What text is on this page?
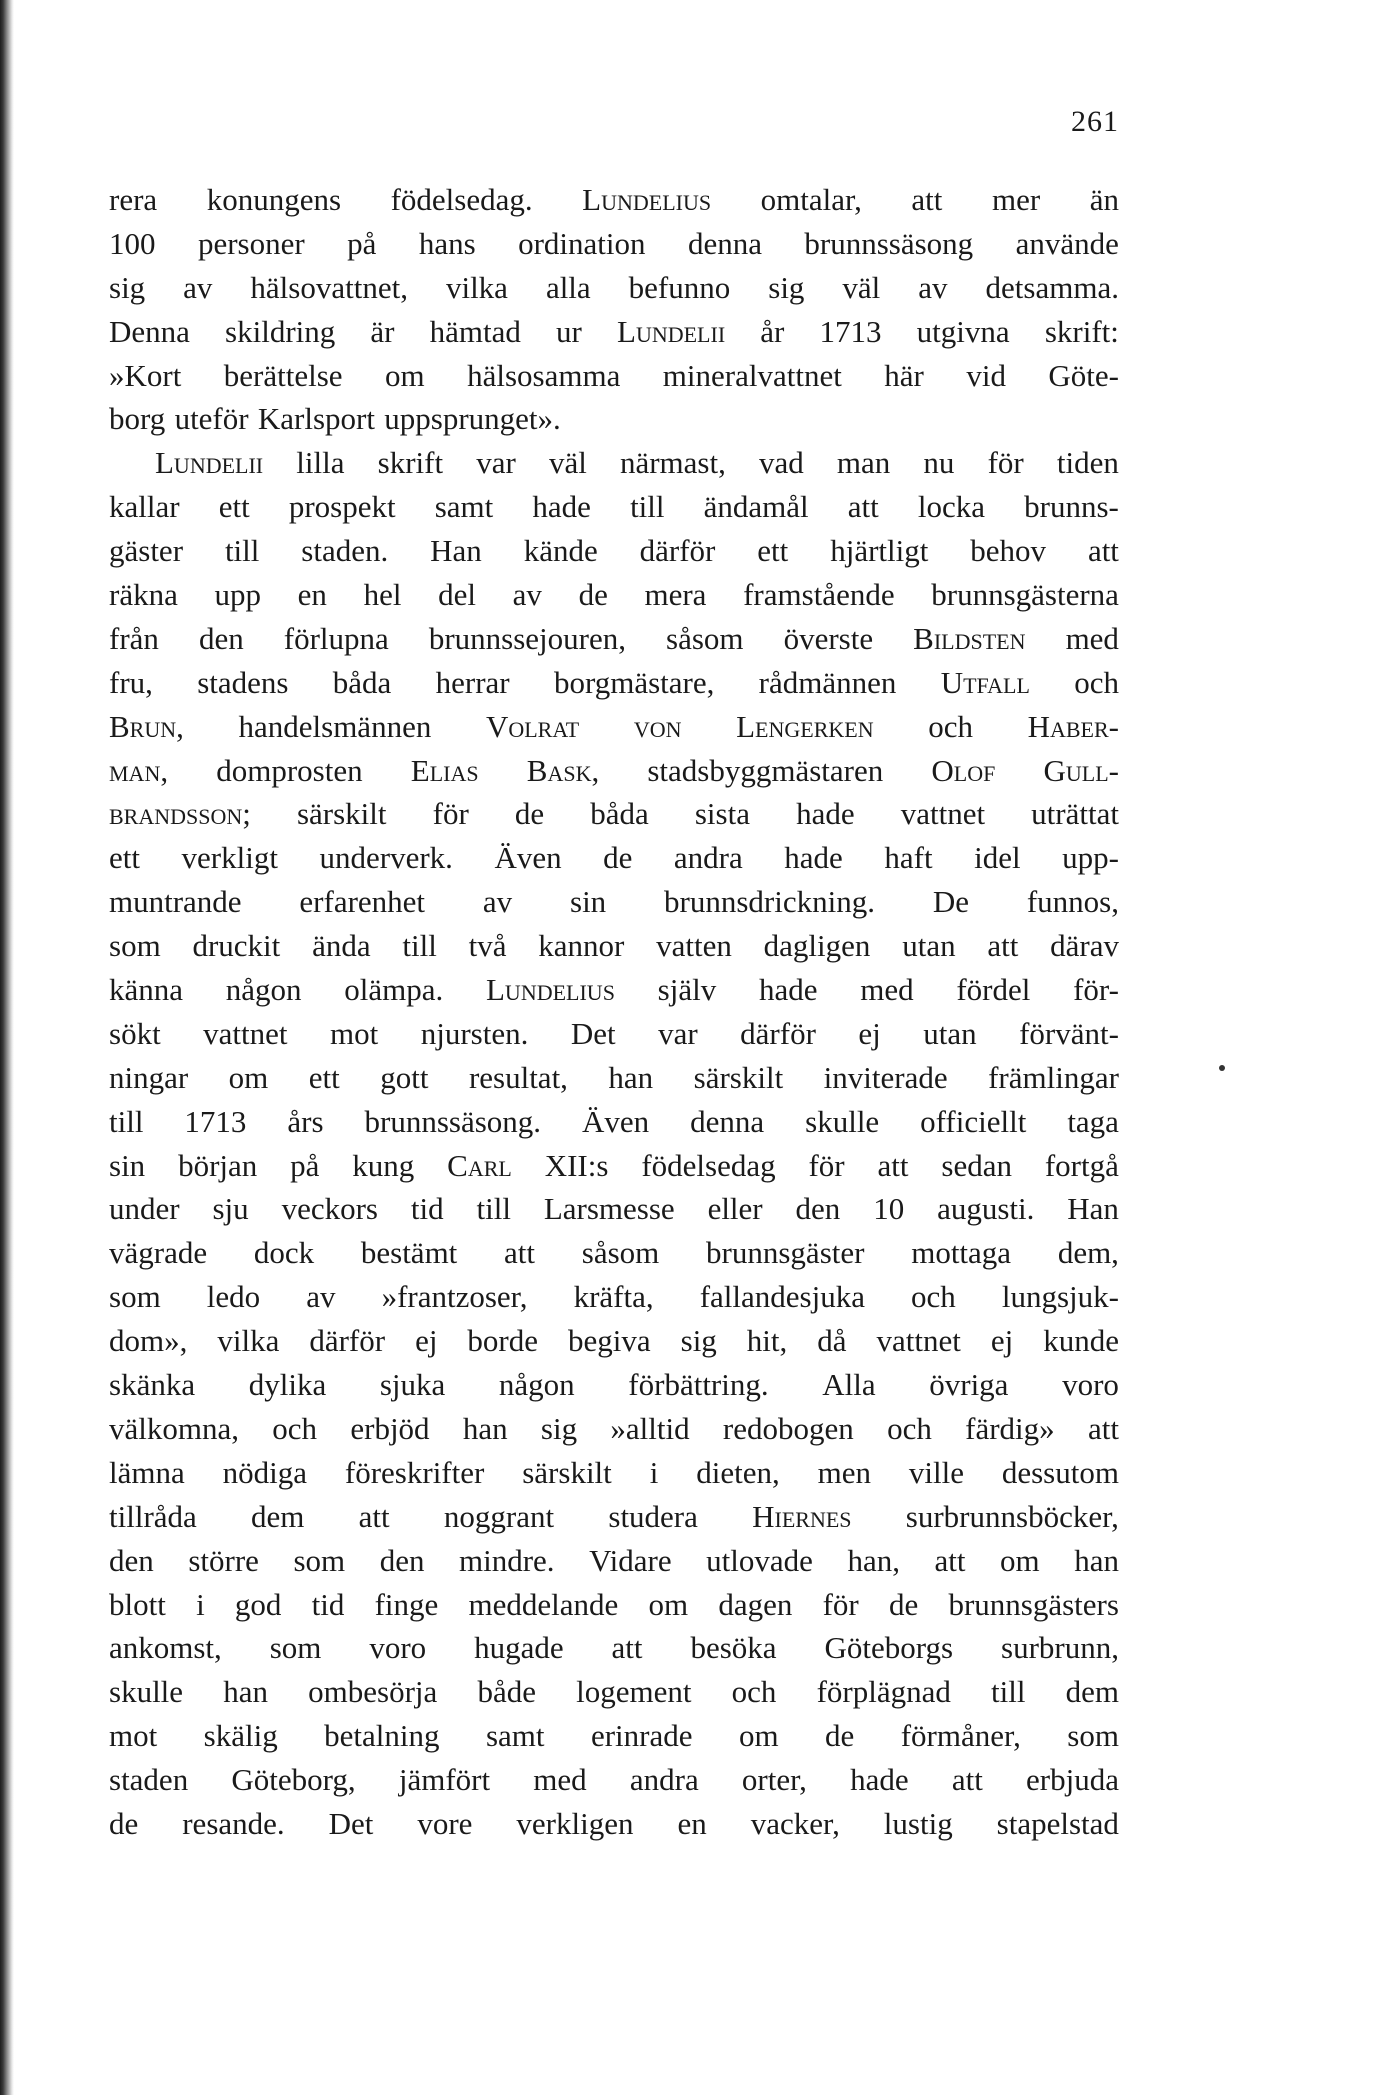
261
rera konungens födelsedag. Lundelius omtalar, att mer än
100 personer på hans ordination denna brunnssäsong använde
sig av hälsovattnet, vilka alla befunno sig väl av detsamma.
Denna skildring är hämtad ur Lundelii år 1713 utgivna skrift:
»Kort berättelse om hälsosamma mineralvattnet här vid Göte-
borg uteför Karlsport uppsprunget».
Lundelii lilla skrift var väl närmast, vad man nu för tiden
kallar ett prospekt samt hade till ändamål att locka brunns-
gäster till staden. Han kände därför ett hjärtligt behov att
räkna upp en hel del av de mera framstående brunnsgästerna
från den förlupna brunnssejouren, såsom överste Bildsten med
fru, stadens båda herrar borgmästare, rådmännen Utfall och
Brun, handelsmännen Volrat von Lengerken och Haber-
man, domprosten Elias Bask, stadsbyggmästaren Olof Gull-
brandsson; särskilt för de båda sista hade vattnet uträttat
ett verkligt underverk. Även de andra hade haft idel upp-
muntrande erfarenhet av sin brunnsdrickning. De funnos,
som druckit ända till två kannor vatten dagligen utan att därav
känna någon olämpa. Lundelius själv hade med fördel för-
sökt vattnet mot njursten. Det var därför ej utan förvänt-
ningar om ett gott resultat, han särskilt inviterade främlingar
till 1713 års brunnssäsong. Även denna skulle officiellt taga
sin början på kung Carl XII:s födelsedag för att sedan fortgå
under sju veckors tid till Larsmesse eller den 10 augusti. Han
vägrade dock bestämt att såsom brunnsgäster mottaga dem,
som ledo av »frantzoser, kräfta, fallandesjuka och lungsjuk-
dom», vilka därför ej borde begiva sig hit, då vattnet ej kunde
skänka dylika sjuka någon förbättring. Alla övriga voro
välkomna, och erbjöd han sig »alltid redobogen och färdig» att
lämna nödiga föreskrifter särskilt i dieten, men ville dessutom
tillråda dem att noggrant studera Hiernes surbrunnsböcker,
den större som den mindre. Vidare utlovade han, att om han
blott i god tid finge meddelande om dagen för de brunnsgästers
ankomst, som voro hugade att besöka Göteborgs surbrunn,
skulle han ombesörja både logement och förplägnad till dem
mot skälig betalning samt erinrade om de förmåner, som
staden Göteborg, jämfört med andra orter, hade att erbjuda
de resande. Det vore verkligen en vacker, lustig stapelstad
